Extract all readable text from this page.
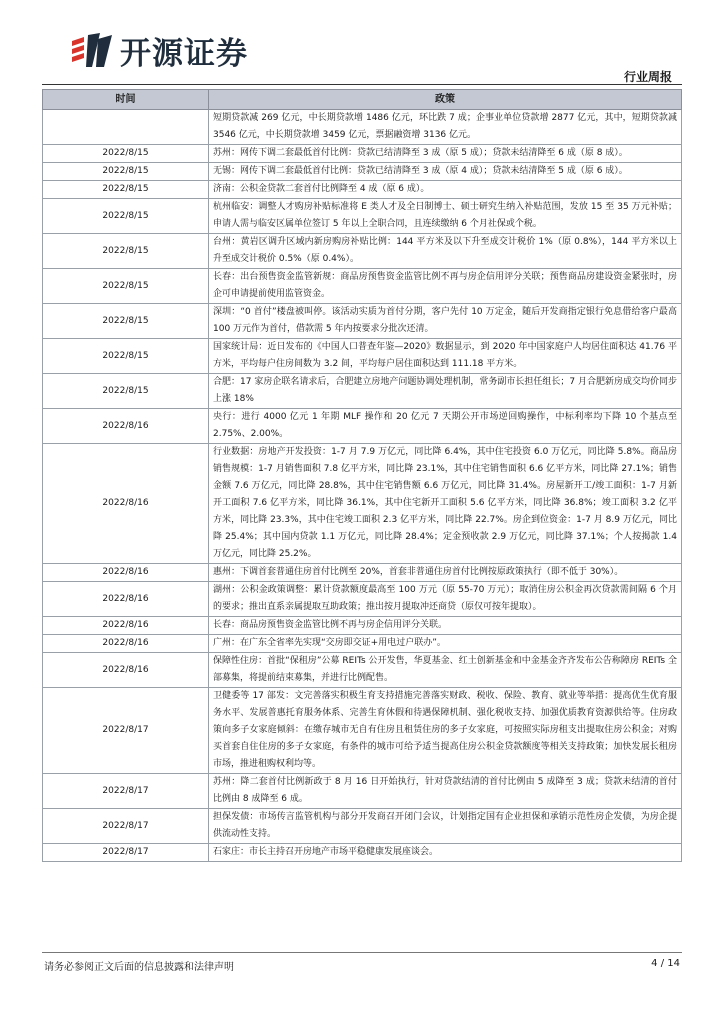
开源证券
行业周报
时间	政策
	短期贷款减 269 亿元，中长期贷款增 1486 亿元，环比跌 7 成；企事业单位贷款增 2877 亿元，其中，短期贷款减 3546 亿元，中长期贷款增 3459 亿元，票据融资增 3136 亿元。
2022/8/15	苏州：网传下调二套最低首付比例：贷款已结清降至 3 成（原 5 成）；贷款未结清降至 6 成（原 8 成）。
2022/8/15	无锡：网传下调二套最低首付比例：贷款已结清降至 3 成（原 4 成）；贷款未结清降至 5 成（原 6 成）。
2022/8/15	济南：公积金贷款二套首付比例降至 4 成（原 6 成）。
2022/8/15	杭州临安：调整人才购房补贴标准将 E 类人才及全日制博士、硕士研究生纳入补贴范围，发放 15 至 35 万元补贴；申请人需与临安区属单位签订 5 年以上全职合同，且连续缴纳 6 个月社保或个税。
2022/8/15	台州：黄岩区调升区域内新房购房补贴比例：144 平方米及以下升至成交计税价 1%（原 0.8%），144 平方米以上升至成交计税价 0.5%（原 0.4%）。
2022/8/15	长春：出台预售资金监管新规：商品房预售资金监管比例不再与房企信用评分关联；预售商品房建设资金紧张时，房企可申请提前使用监管资金。
2022/8/15	深圳：“0 首付”楼盘被叫停。该活动实质为首付分期，客户先付 10 万定金，随后开发商指定银行免息借给客户最高 100 万元作为首付，借款需 5 年内按要求分批次还清。
2022/8/15	国家统计局：近日发布的《中国人口普查年鉴—2020》数据显示，到 2020 年中国家庭户人均居住面积达 41.76 平方米，平均每户住房间数为 3.2 间，平均每户居住面积达到 111.18 平方米。
2022/8/15	合肥：17 家房企联名请求后，合肥建立房地产问题协调处理机制，常务副市长担任组长；7 月合肥新房成交均价同步上涨 18%
2022/8/16	央行：进行 4000 亿元 1 年期 MLF 操作和 20 亿元 7 天期公开市场逆回购操作，中标利率均下降 10 个基点至 2.75%、2.00%。
2022/8/16	行业数据：房地产开发投资：1-7 月 7.9 万亿元，同比降 6.4%，其中住宅投资 6.0 万亿元，同比降 5.8%。商品房销售规模：1-7 月销售面积 7.8 亿平方米，同比降 23.1%，其中住宅销售面积 6.6 亿平方米，同比降 27.1%；销售金额 7.6 万亿元，同比降 28.8%，其中住宅销售额 6.6 万亿元，同比降 31.4%。房屋新开工/竣工面积：1-7 月新开工面积 7.6 亿平方米，同比降 36.1%，其中住宅新开工面积 5.6 亿平方米，同比降 36.8%；竣工面积 3.2 亿平方米，同比降 23.3%，其中住宅竣工面积 2.3 亿平方米，同比降 22.7%。房企到位资金：1-7 月 8.9 万亿元，同比降 25.4%；其中国内贷款 1.1 万亿元，同比降 28.4%；定金预收款 2.9 万亿元，同比降 37.1%；个人按揭款 1.4 万亿元，同比降 25.2%。
2022/8/16	惠州：下调首套普通住房首付比例至 20%，首套非普通住房首付比例按原政策执行（即不低于 30%）。
2022/8/16	湖州：公积金政策调整：累计贷款额度最高至 100 万元（原 55-70 万元）；取消住房公积金再次贷款需间隔 6 个月的要求；推出直系亲属提取互助政策；推出按月提取冲还商贷（原仅可按年提取）。
2022/8/16	长春：商品房预售资金监管比例不再与房企信用评分关联。
2022/8/16	广州：在广东全省率先实现“交房即交证+用电过户联办”。
2022/8/16	保障性住房：首批“保租房”公募 REITs 公开发售，华夏基金、红土创新基金和中金基金齐齐发布公告称障房 REITs 全部募集，将提前结束募集，并进行比例配售。
2022/8/17	卫健委等 17 部发：文完善落实积极生育支持措施完善落实财政、税收、保险、教育、就业等举措：提高优生优育服务水平、发展普惠托育服务体系、完善生育休假和待遇保障机制、强化税收支持、加强优质教育资源供给等。住房政策向多子女家庭倾斜：在缴存城市无自有住房且租赁住房的多子女家庭，可按照实际房租支出提取住房公积金；对购买首套自住住房的多子女家庭，有条件的城市可给予适当提高住房公积金贷款额度等相关支持政策；加快发展长租房市场，推进租购权利均等。
2022/8/17	苏州：降二套首付比例新政于 8 月 16 日开始执行，针对贷款结清的首付比例由 5 成降至 3 成；贷款未结清的首付比例由 8 成降至 6 成。
2022/8/17	担保发债：市场传言监管机构与部分开发商召开闭门会议，计划指定国有企业担保和承销示范性房企发债，为房企提供流动性支持。
2022/8/17	石家庄：市长主持召开房地产市场平稳健康发展座谈会。
请务必参阅正文后面的信息披露和法律声明	4 / 14
